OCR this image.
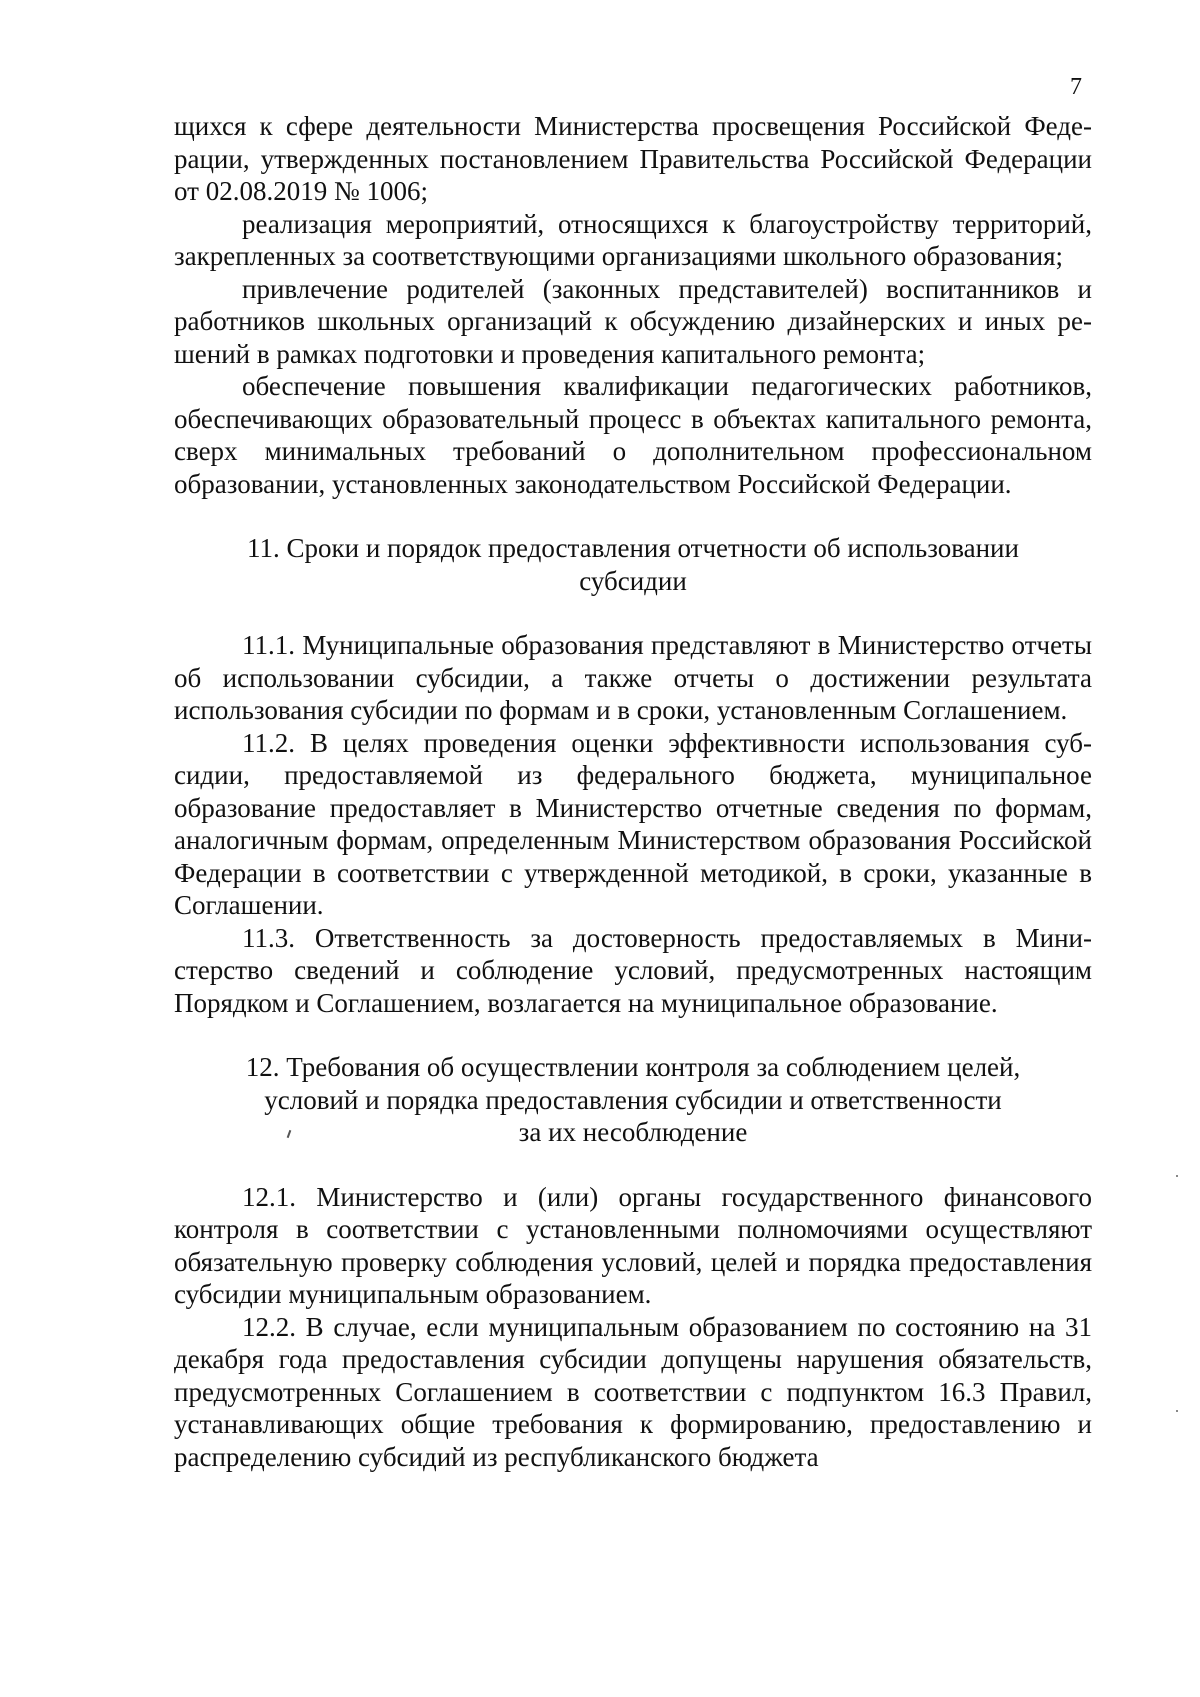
7

щихся к сфере деятельности Министерства просвещения Российской Федерации, утвержденных постановлением Правительства Российской Федерации от 02.08.2019 № 1006;

реализация мероприятий, относящихся к благоустройству территорий, закрепленных за соответствующими организациями школьного образования;

привлечение родителей (законных представителей) воспитанников и работников школьных организаций к обсуждению дизайнерских и иных решений в рамках подготовки и проведения капитального ремонта;

обеспечение повышения квалификации педагогических работников, обеспечивающих образовательный процесс в объектах капитального ремонта, сверх минимальных требований о дополнительном профессиональном образовании, установленных законодательством Российской Федерации.

11. Сроки и порядок предоставления отчетности об использовании

субсидии

11.1. Муниципальные образования представляют в Министерство отчеты об использовании субсидии, а также отчеты о достижении результата использования субсидии по формам и в сроки, установленным Соглашением.

11.2. В целях проведения оценки эффективности использования субсидии, предоставляемой из федерального бюджета, муниципальное образование предоставляет в Министерство отчетные сведения по формам, аналогичным формам, определенным Министерством образования Российской Федерации в соответствии с утвержденной методикой, в сроки, указанные в Соглашении.

11.3. Ответственность за достоверность предоставляемых в Министерство сведений и соблюдение условий, предусмотренных настоящим Порядком и Соглашением, возлагается на муниципальное образование.

12. Требования об осуществлении контроля за соблюдением целей,

условий и порядка предоставления субсидии и ответственности

за их несоблюдение

12.1. Министерство и (или) органы государственного финансового контроля в соответствии с установленными полномочиями осуществляют обязательную проверку соблюдения условий, целей и порядка предоставления субсидии муниципальным образованием.

12.2. В случае, если муниципальным образованием по состоянию на 31 декабря года предоставления субсидии допущены нарушения обязательств, предусмотренных Соглашением в соответствии с подпунктом 16.3 Правил, устанавливающих общие требования к формированию, предоставлению и распределению субсидий из республиканского бюджета
